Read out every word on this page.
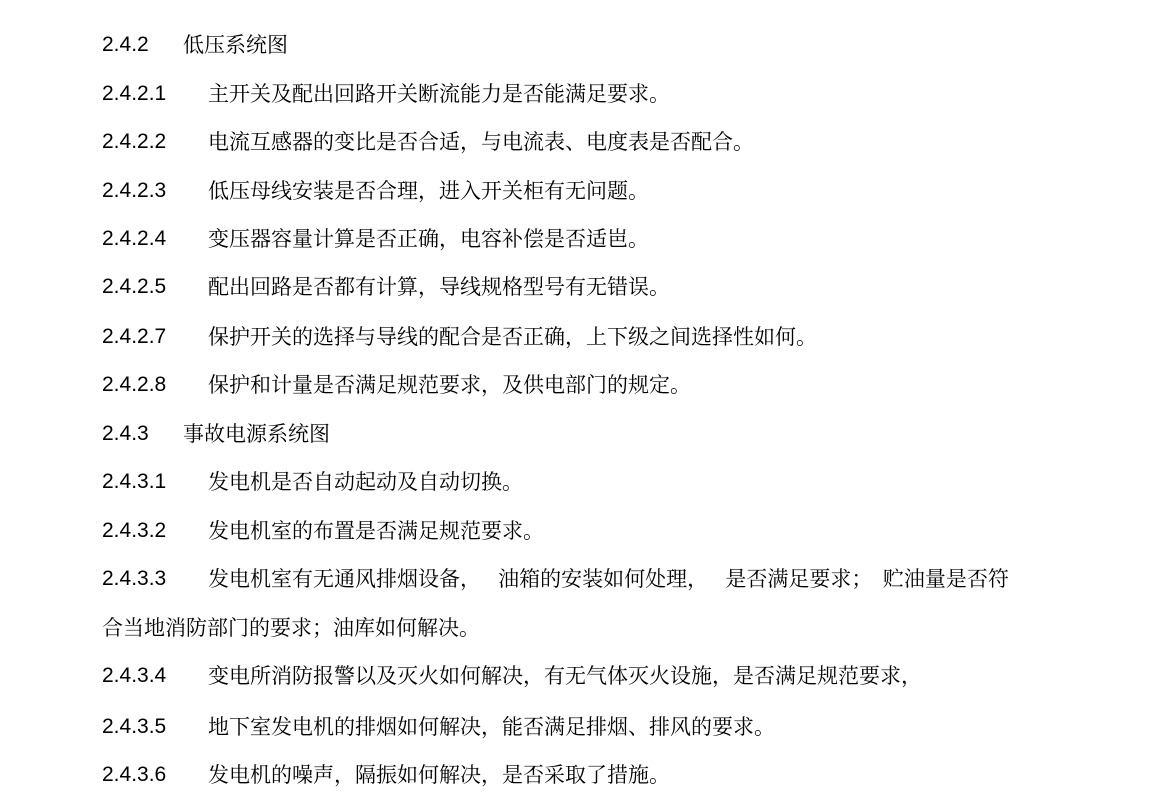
2.4.2 低压系统图
2.4.2.1 主开关及配出回路开关断流能力是否能满足要求。
2.4.2.2 电流互感器的变比是否合适，与电流表、电度表是否配合。
2.4.2.3 低压母线安装是否合理，进入开关柜有无问题。
2.4.2.4 变压器容量计算是否正确，电容补偿是否适岜。
2.4.2.5 配出回路是否都有计算，导线规格型号有无错误。
2.4.2.7 保护开关的选择与导线的配合是否正确，上下级之间选择性如何。
2.4.2.8 保护和计量是否满足规范要求，及供电部门的规定。
2.4.3 事故电源系统图
2.4.3.1 发电机是否自动起动及自动切换。
2.4.3.2 发电机室的布置是否满足规范要求。
2.4.3.3 发电机室有无通风排烟设备，　 油箱的安装如何处理，　 是否满足要求；　贮油量是否符
合当地消防部门的要求；油库如何解决。
2.4.3.4 变电所消防报警以及灭火如何解决，有无气体灭火设施，是否满足规范要求，
2.4.3.5 地下室发电机的排烟如何解决，能否满足排烟、排风的要求。
2.4.3.6 发电机的噪声，隔振如何解决，是否采取了措施。
